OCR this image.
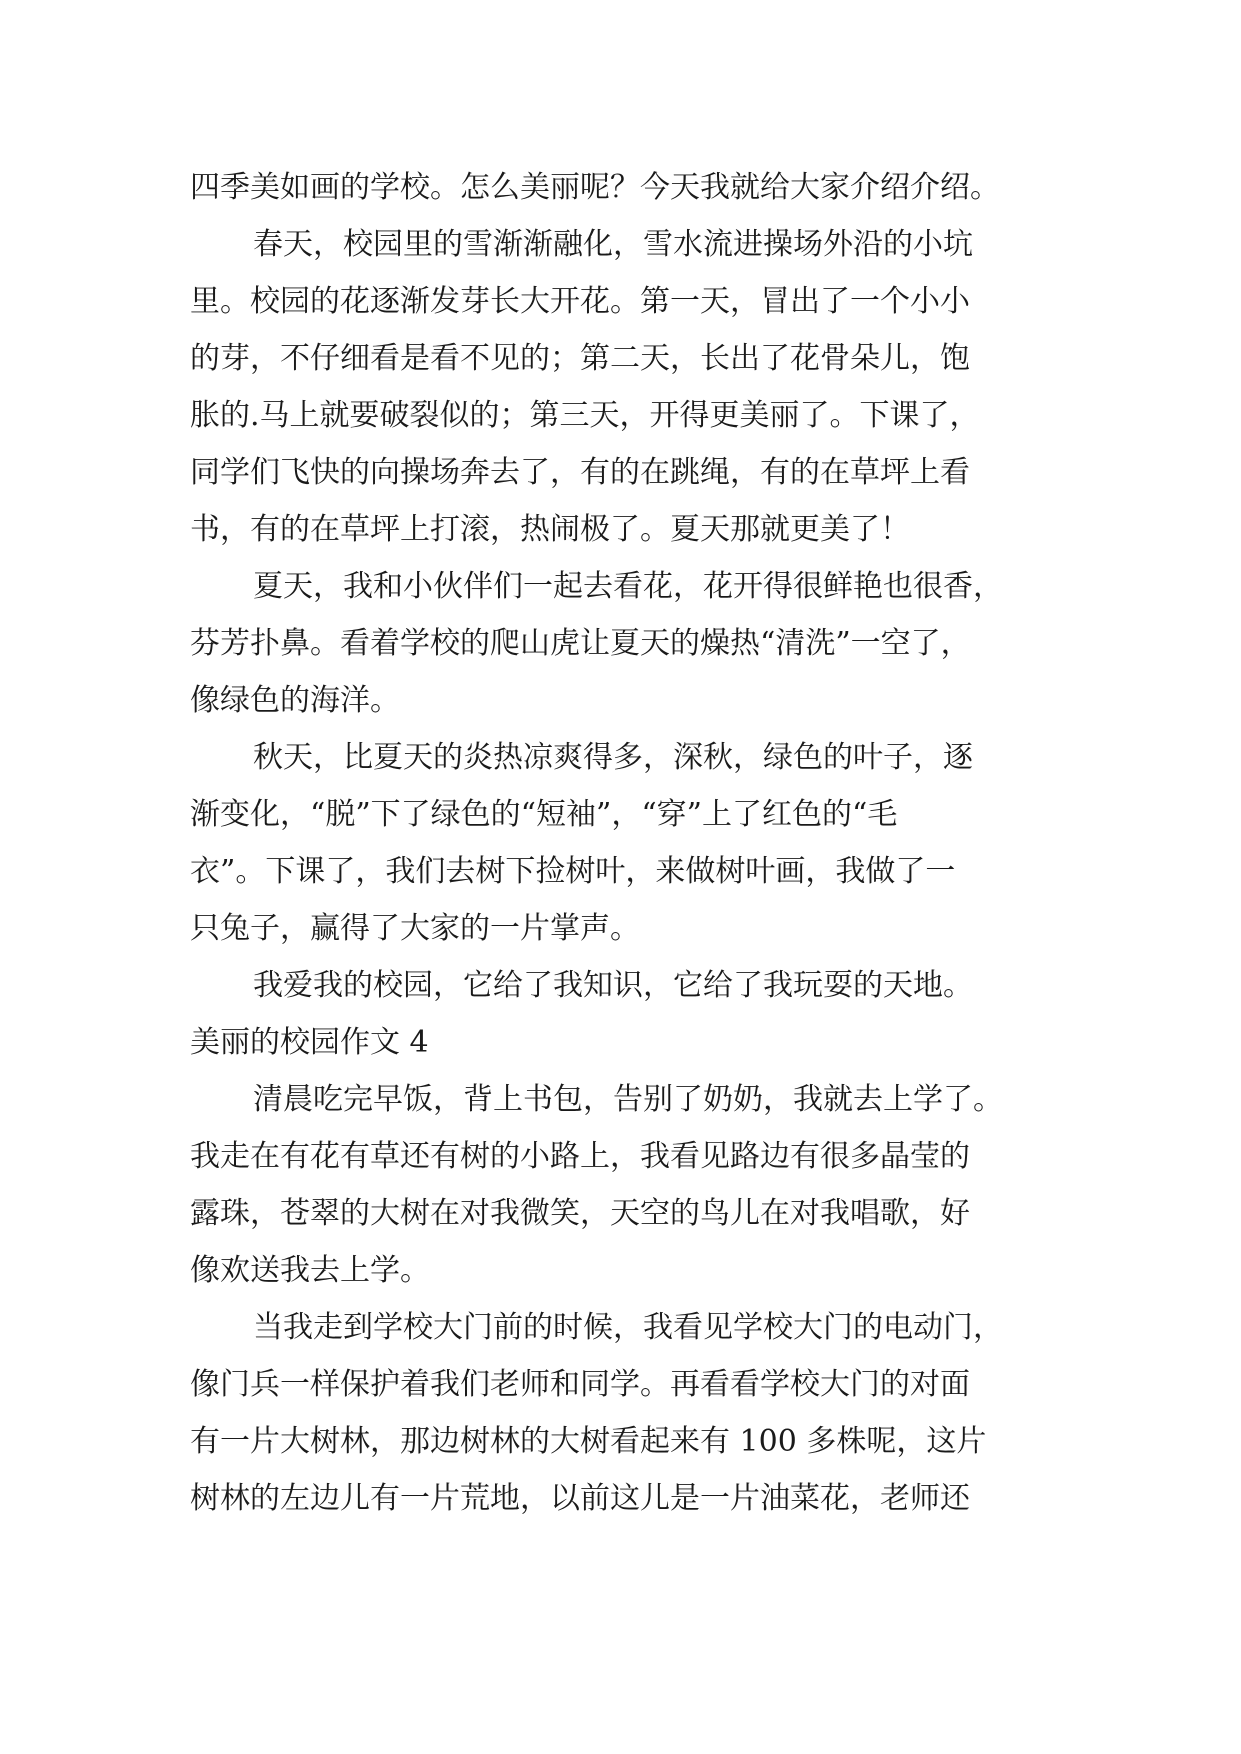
四季美如画的学校。怎么美丽呢？今天我就给大家介绍介绍。
春天，校园里的雪渐渐融化，雪水流进操场外沿的小坑
里。校园的花逐渐发芽长大开花。第一天，冒出了一个小小
的芽，不仔细看是看不见的；第二天，长出了花骨朵儿，饱
胀的.马上就要破裂似的；第三天，开得更美丽了。下课了，
同学们飞快的向操场奔去了，有的在跳绳，有的在草坪上看
书，有的在草坪上打滚，热闹极了。夏天那就更美了！
夏天，我和小伙伴们一起去看花，花开得很鲜艳也很香，
芬芳扑鼻。看着学校的爬山虎让夏天的燥热“清洗”一空了，
像绿色的海洋。
秋天，比夏天的炎热凉爽得多，深秋，绿色的叶子，逐
渐变化，“脱”下了绿色的“短袖”，“穿”上了红色的“毛
衣”。下课了，我们去树下捡树叶，来做树叶画，我做了一
只兔子，赢得了大家的一片掌声。
我爱我的校园，它给了我知识，它给了我玩耍的天地。
美丽的校园作文 4
清晨吃完早饭，背上书包，告别了奶奶，我就去上学了。
我走在有花有草还有树的小路上，我看见路边有很多晶莹的
露珠，苍翠的大树在对我微笑，天空的鸟儿在对我唱歌，好
像欢送我去上学。
当我走到学校大门前的时候，我看见学校大门的电动门，
像门兵一样保护着我们老师和同学。再看看学校大门的对面
有一片大树林，那边树林的大树看起来有 100 多株呢，这片
树林的左边儿有一片荒地，以前这儿是一片油菜花，老师还
